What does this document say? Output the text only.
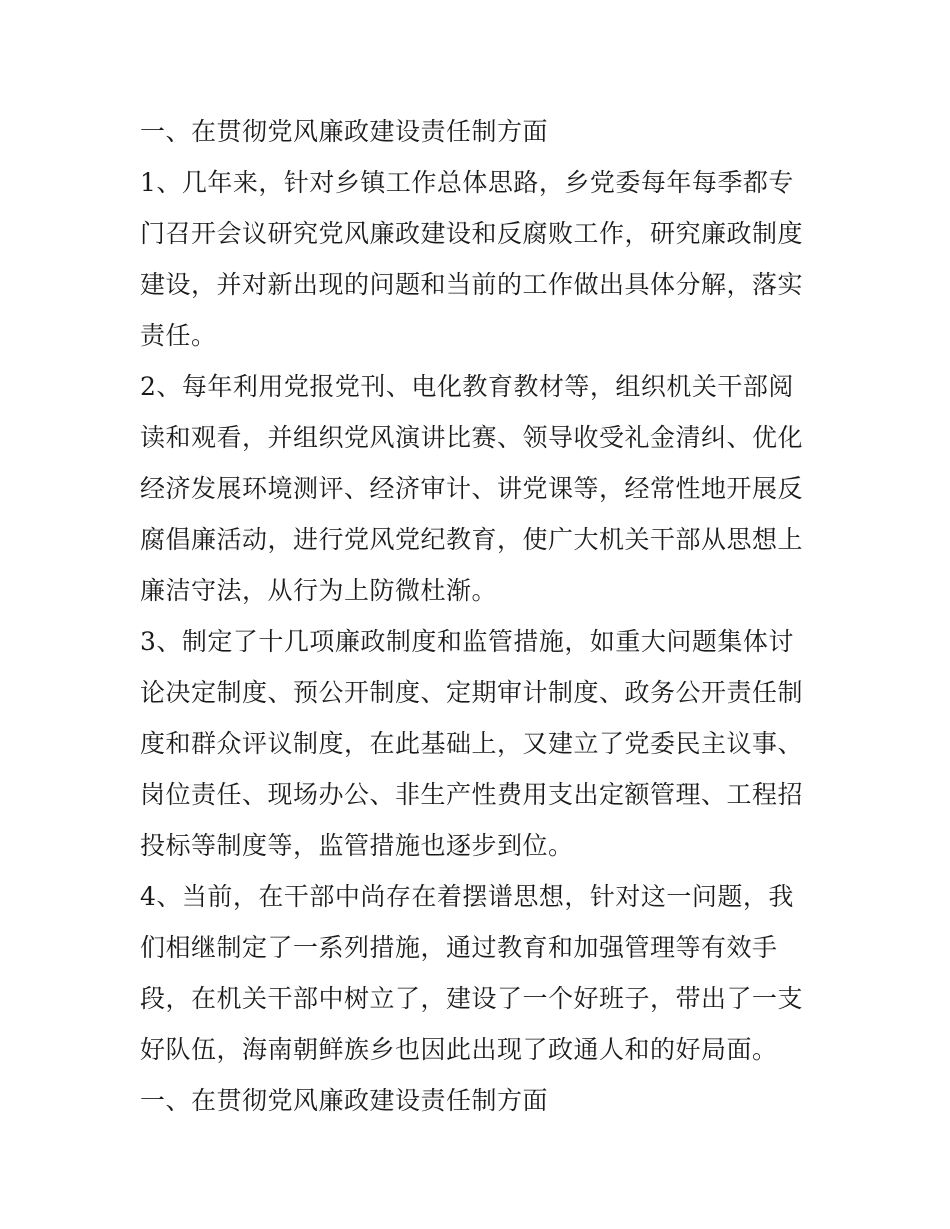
一、在贯彻党风廉政建设责任制方面

1、几年来，针对乡镇工作总体思路，乡党委每年每季都专门召开会议研究党风廉政建设和反腐败工作，研究廉政制度建设，并对新出现的问题和当前的工作做出具体分解，落实责任。

2、每年利用党报党刊、电化教育教材等，组织机关干部阅读和观看，并组织党风演讲比赛、领导收受礼金清纠、优化经济发展环境测评、经济审计、讲党课等，经常性地开展反腐倡廉活动，进行党风党纪教育，使广大机关干部从思想上廉洁守法，从行为上防微杜渐。

3、制定了十几项廉政制度和监管措施，如重大问题集体讨论决定制度、预公开制度、定期审计制度、政务公开责任制度和群众评议制度，在此基础上，又建立了党委民主议事、岗位责任、现场办公、非生产性费用支出定额管理、工程招投标等制度等，监管措施也逐步到位。

4、当前，在干部中尚存在着摆谱思想，针对这一问题，我们相继制定了一系列措施，通过教育和加强管理等有效手段，在机关干部中树立了，建设了一个好班子，带出了一支好队伍，海南朝鲜族乡也因此出现了政通人和的好局面。

一、在贯彻党风廉政建设责任制方面
